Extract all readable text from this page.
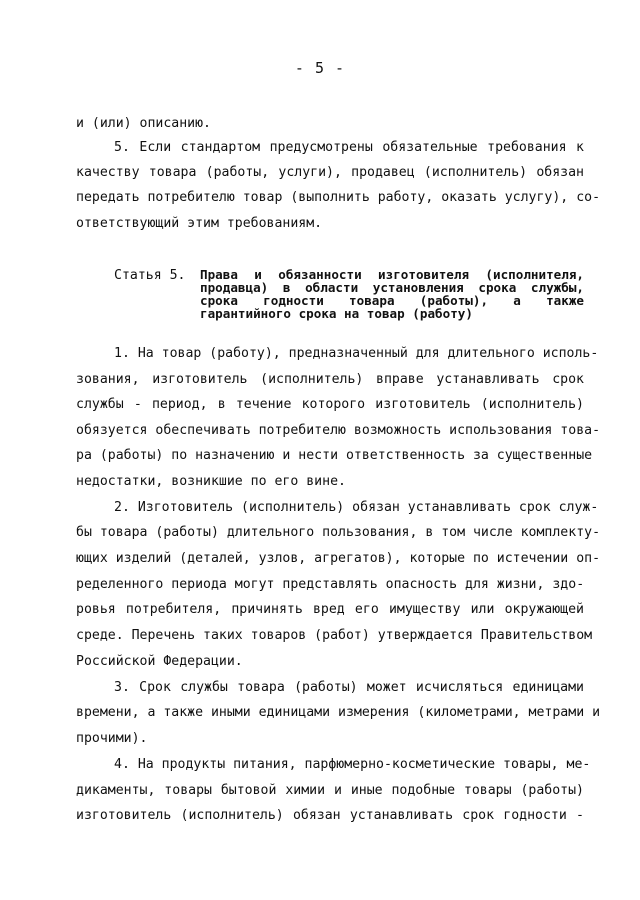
- 5 -
и (или) описанию.
5. Если стандартом предусмотрены обязательные требования к
качеству товара (работы, услуги), продавец (исполнитель) обязан
передать потребителю товар (выполнить работу, оказать услугу), со-
ответствующий этим требованиям.
Статья 5. Права и обязанности изготовителя (исполнителя,
продавца) в области установления срока службы,
срока годности товара (работы), а также
гарантийного срока на товар (работу)
1. На товар (работу), предназначенный для длительного исполь-
зования, изготовитель (исполнитель) вправе устанавливать срок
службы - период, в течение которого изготовитель (исполнитель)
обязуется обеспечивать потребителю возможность использования това-
ра (работы) по назначению и нести ответственность за существенные
недостатки, возникшие по его вине.
2. Изготовитель (исполнитель) обязан устанавливать срок служ-
бы товара (работы) длительного пользования, в том числе комплекту-
ющих изделий (деталей, узлов, агрегатов), которые по истечении оп-
ределенного периода могут представлять опасность для жизни, здо-
ровья потребителя, причинять вред его имуществу или окружающей
среде. Перечень таких товаров (работ) утверждается Правительством
Российской Федерации.
3. Срок службы товара (работы) может исчисляться единицами
времени, а также иными единицами измерения (километрами, метрами и
прочими).
4. На продукты питания, парфюмерно-косметические товары, ме-
дикаменты, товары бытовой химии и иные подобные товары (работы)
изготовитель (исполнитель) обязан устанавливать срок годности -
